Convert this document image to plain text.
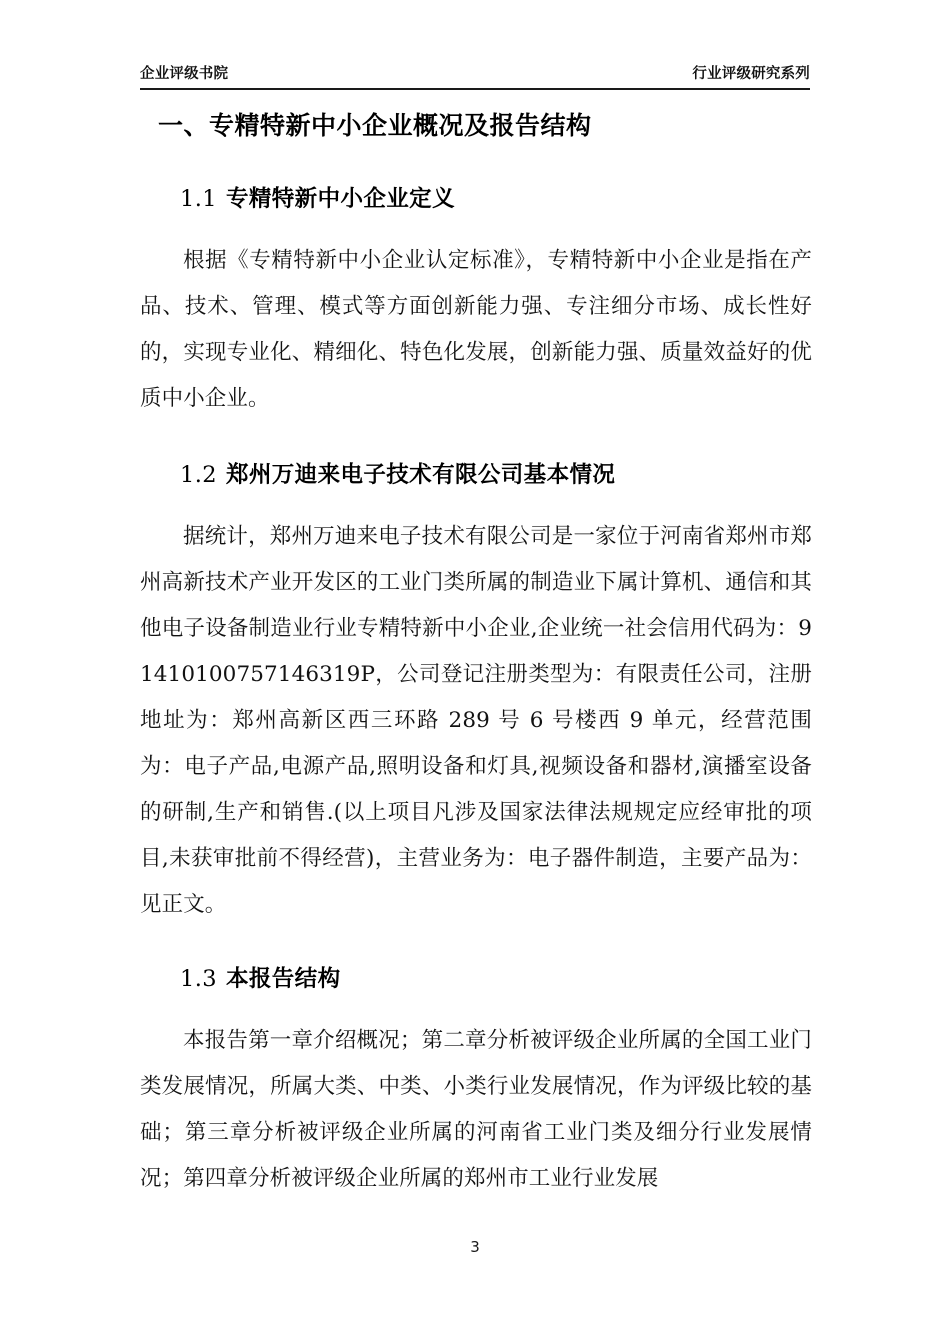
企业评级书院	行业评级研究系列
一、专精特新中小企业概况及报告结构
1.1 专精特新中小企业定义

根据《专精特新中小企业认定标准》，专精特新中小企业是指在产品、技术、管理、模式等方面创新能力强、专注细分市场、成长性好的，实现专业化、精细化、特色化发展，创新能力强、质量效益好的优质中小企业。

1.2 郑州万迪来电子技术有限公司基本情况

据统计，郑州万迪来电子技术有限公司是一家位于河南省郑州市郑州高新技术产业开发区的工业门类所属的制造业下属计算机、通信和其他电子设备制造业行业专精特新中小企业,企业统一社会信用代码为：91410100757146319P，公司登记注册类型为：有限责任公司，注册地址为：郑州高新区西三环路 289 号 6 号楼西 9 单元，经营范围为：电子产品,电源产品,照明设备和灯具,视频设备和器材,演播室设备的研制,生产和销售.(以上项目凡涉及国家法律法规规定应经审批的项目,未获审批前不得经营)，主营业务为：电子器件制造，主要产品为：见正文。

1.3 本报告结构

本报告第一章介绍概况；第二章分析被评级企业所属的全国工业门类发展情况，所属大类、中类、小类行业发展情况，作为评级比较的基础；第三章分析被评级企业所属的河南省工业门类及细分行业发展情况；第四章分析被评级企业所属的郑州市工业行业发展

3
